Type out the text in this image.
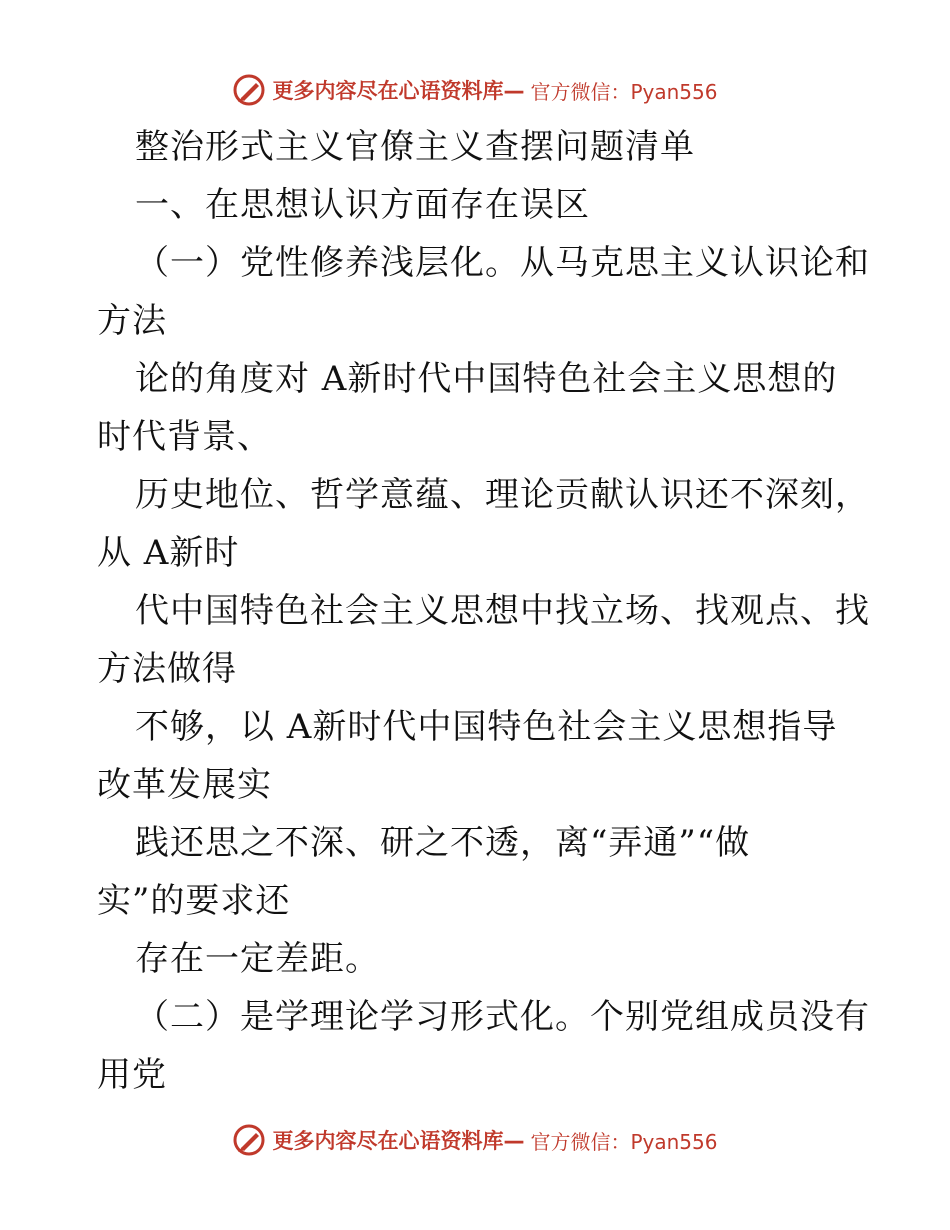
更多内容尽在心语资料库— 官方微信：Pyan556
整治形式主义官僚主义查摆问题清单
一、在思想认识方面存在误区
（一）党性修养浅层化。从马克思主义认识论和
方法
论的角度对 A新时代中国特色社会主义思想的
时代背景、
历史地位、哲学意蕴、理论贡献认识还不深刻，
从 A新时
代中国特色社会主义思想中找立场、找观点、找
方法做得
不够，以 A新时代中国特色社会主义思想指导
改革发展实
践还思之不深、研之不透，离“弄通”“做
实”的要求还
存在一定差距。
（二）是学理论学习形式化。个别党组成员没有
用党
更多内容尽在心语资料库— 官方微信：Pyan556
